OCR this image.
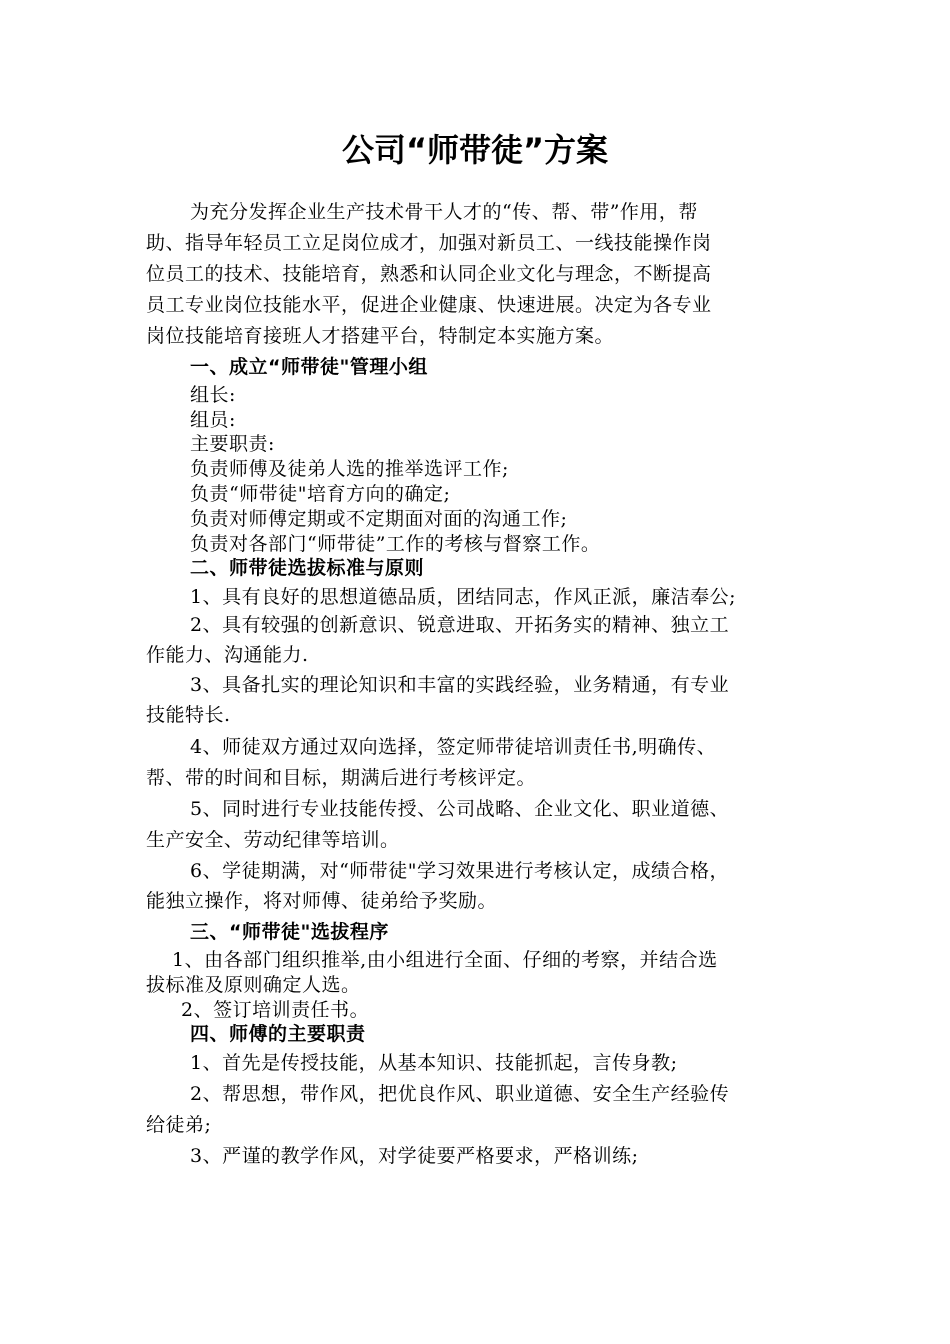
公司“师带徒”方案
为充分发挥企业生产技术骨干人才的“传、帮、带”作用，帮
助、指导年轻员工立足岗位成才，加强对新员工、一线技能操作岗
位员工的技术、技能培育，熟悉和认同企业文化与理念，不断提高
员工专业岗位技能水平，促进企业健康、快速进展。决定为各专业
岗位技能培育接班人才搭建平台，特制定本实施方案。
一、成立“师带徒"管理小组
组长:
组员:
主要职责:
负责师傅及徒弟人选的推举选评工作;
负责“师带徒"培育方向的确定;
负责对师傅定期或不定期面对面的沟通工作;
负责对各部门“师带徒”工作的考核与督察工作。
二、师带徒选拔标准与原则
1、具有良好的思想道德品质，团结同志，作风正派，廉洁奉公;
2、具有较强的创新意识、锐意进取、开拓务实的精神、独立工
作能力、沟通能力.
3、具备扎实的理论知识和丰富的实践经验，业务精通，有专业
技能特长.
4、师徒双方通过双向选择，签定师带徒培训责任书,明确传、
帮、带的时间和目标，期满后进行考核评定。
5、同时进行专业技能传授、公司战略、企业文化、职业道德、
生产安全、劳动纪律等培训。
6、学徒期满，对“师带徒"学习效果进行考核认定，成绩合格，
能独立操作，将对师傅、徒弟给予奖励。
三、“师带徒"选拔程序
1、由各部门组织推举,由小组进行全面、仔细的考察，并结合选
拔标准及原则确定人选。
2、签订培训责任书。
四、师傅的主要职责
1、首先是传授技能，从基本知识、技能抓起，言传身教;
2、帮思想，带作风，把优良作风、职业道德、安全生产经验传
给徒弟;
3、严谨的教学作风，对学徒要严格要求，严格训练;
